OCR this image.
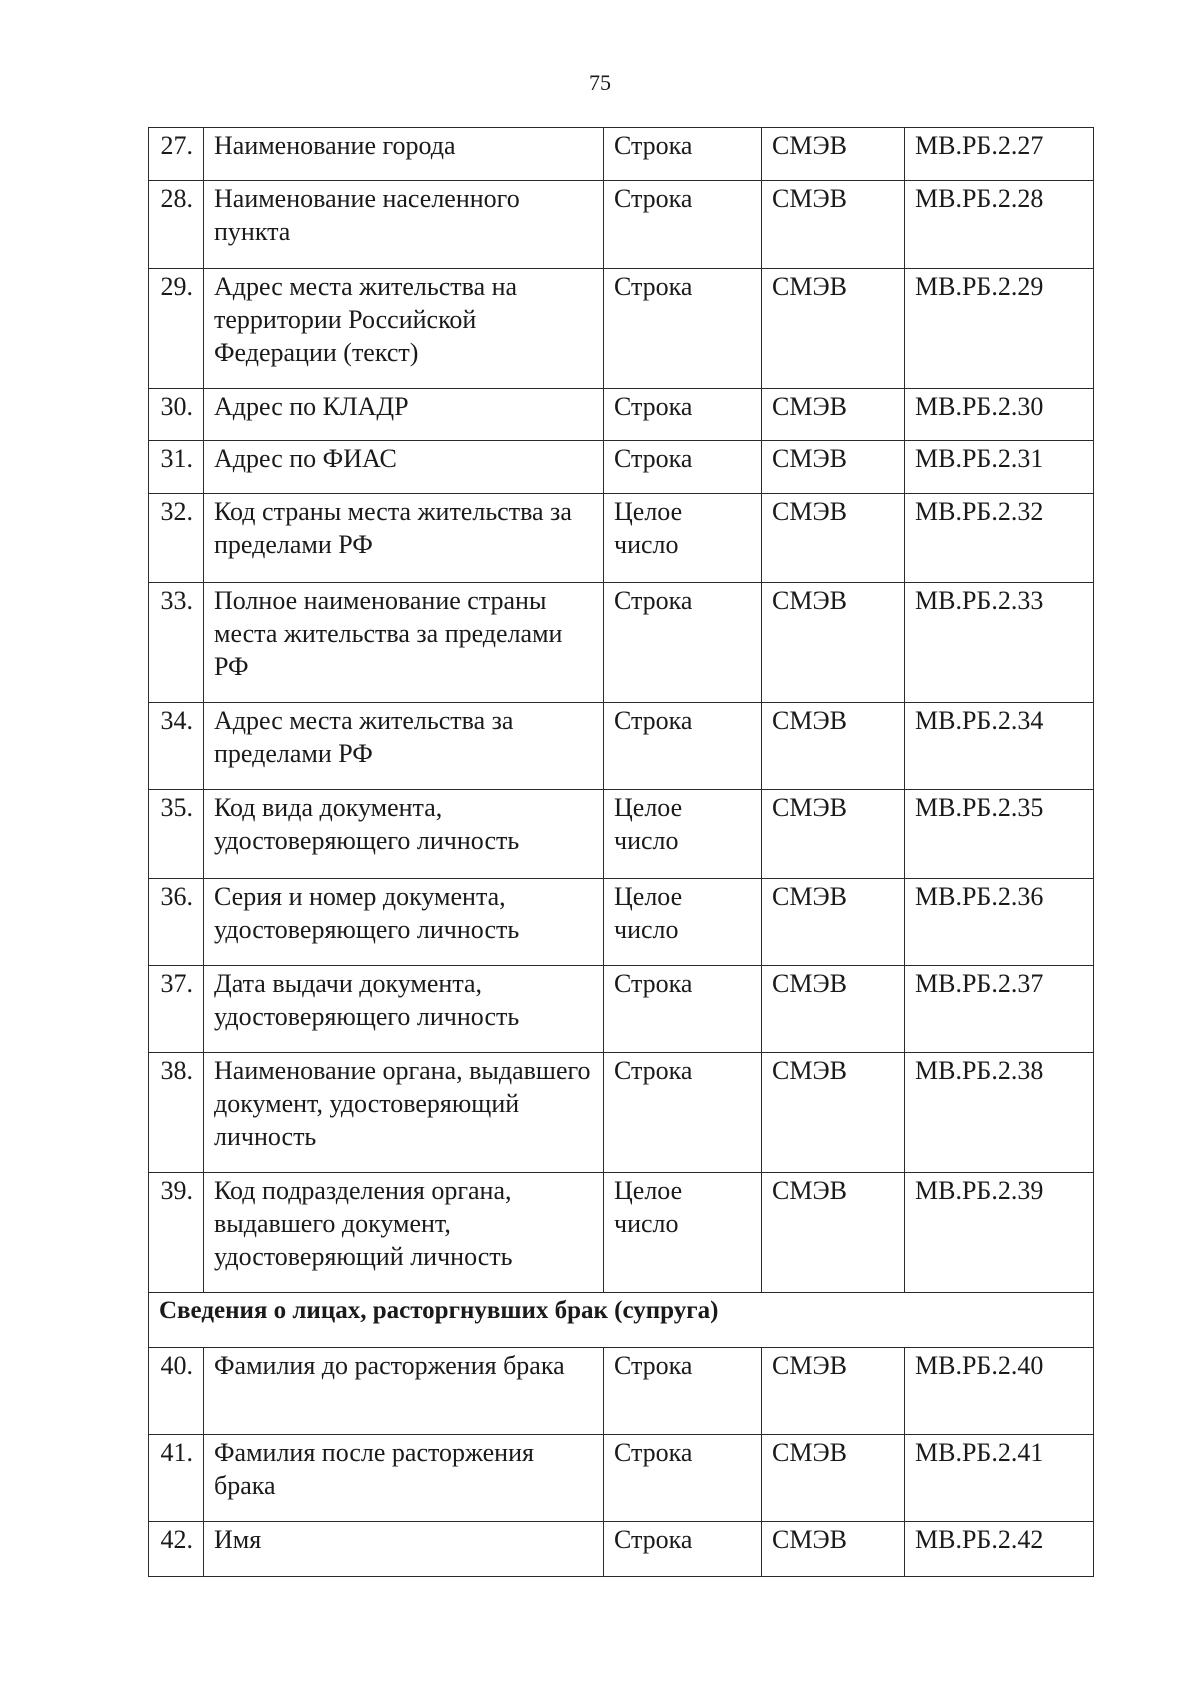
75
27.	Наименование города	Строка	СМЭВ	МВ.РБ.2.27
28.	Наименование населенного пункта	Строка	СМЭВ	МВ.РБ.2.28
29.	Адрес места жительства на территории Российской Федерации (текст)	Строка	СМЭВ	МВ.РБ.2.29
30.	Адрес по КЛАДР	Строка	СМЭВ	МВ.РБ.2.30
31.	Адрес по ФИАС	Строка	СМЭВ	МВ.РБ.2.31
32.	Код страны места жительства за пределами РФ	Целое число	СМЭВ	МВ.РБ.2.32
33.	Полное наименование страны места жительства за пределами РФ	Строка	СМЭВ	МВ.РБ.2.33
34.	Адрес места жительства за пределами РФ	Строка	СМЭВ	МВ.РБ.2.34
35.	Код вида документа, удостоверяющего личность	Целое число	СМЭВ	МВ.РБ.2.35
36.	Серия и номер документа, удостоверяющего личность	Целое число	СМЭВ	МВ.РБ.2.36
37.	Дата выдачи документа, удостоверяющего личность	Строка	СМЭВ	МВ.РБ.2.37
38.	Наименование органа, выдавшего документ, удостоверяющий личность	Строка	СМЭВ	МВ.РБ.2.38
39.	Код подразделения органа, выдавшего документ, удостоверяющий личность	Целое число	СМЭВ	МВ.РБ.2.39
Сведения о лицах, расторгнувших брак (супруга)				
40.	Фамилия до расторжения брака	Строка	СМЭВ	МВ.РБ.2.40
41.	Фамилия после расторжения брака	Строка	СМЭВ	МВ.РБ.2.41
42.	Имя	Строка	СМЭВ	МВ.РБ.2.42
